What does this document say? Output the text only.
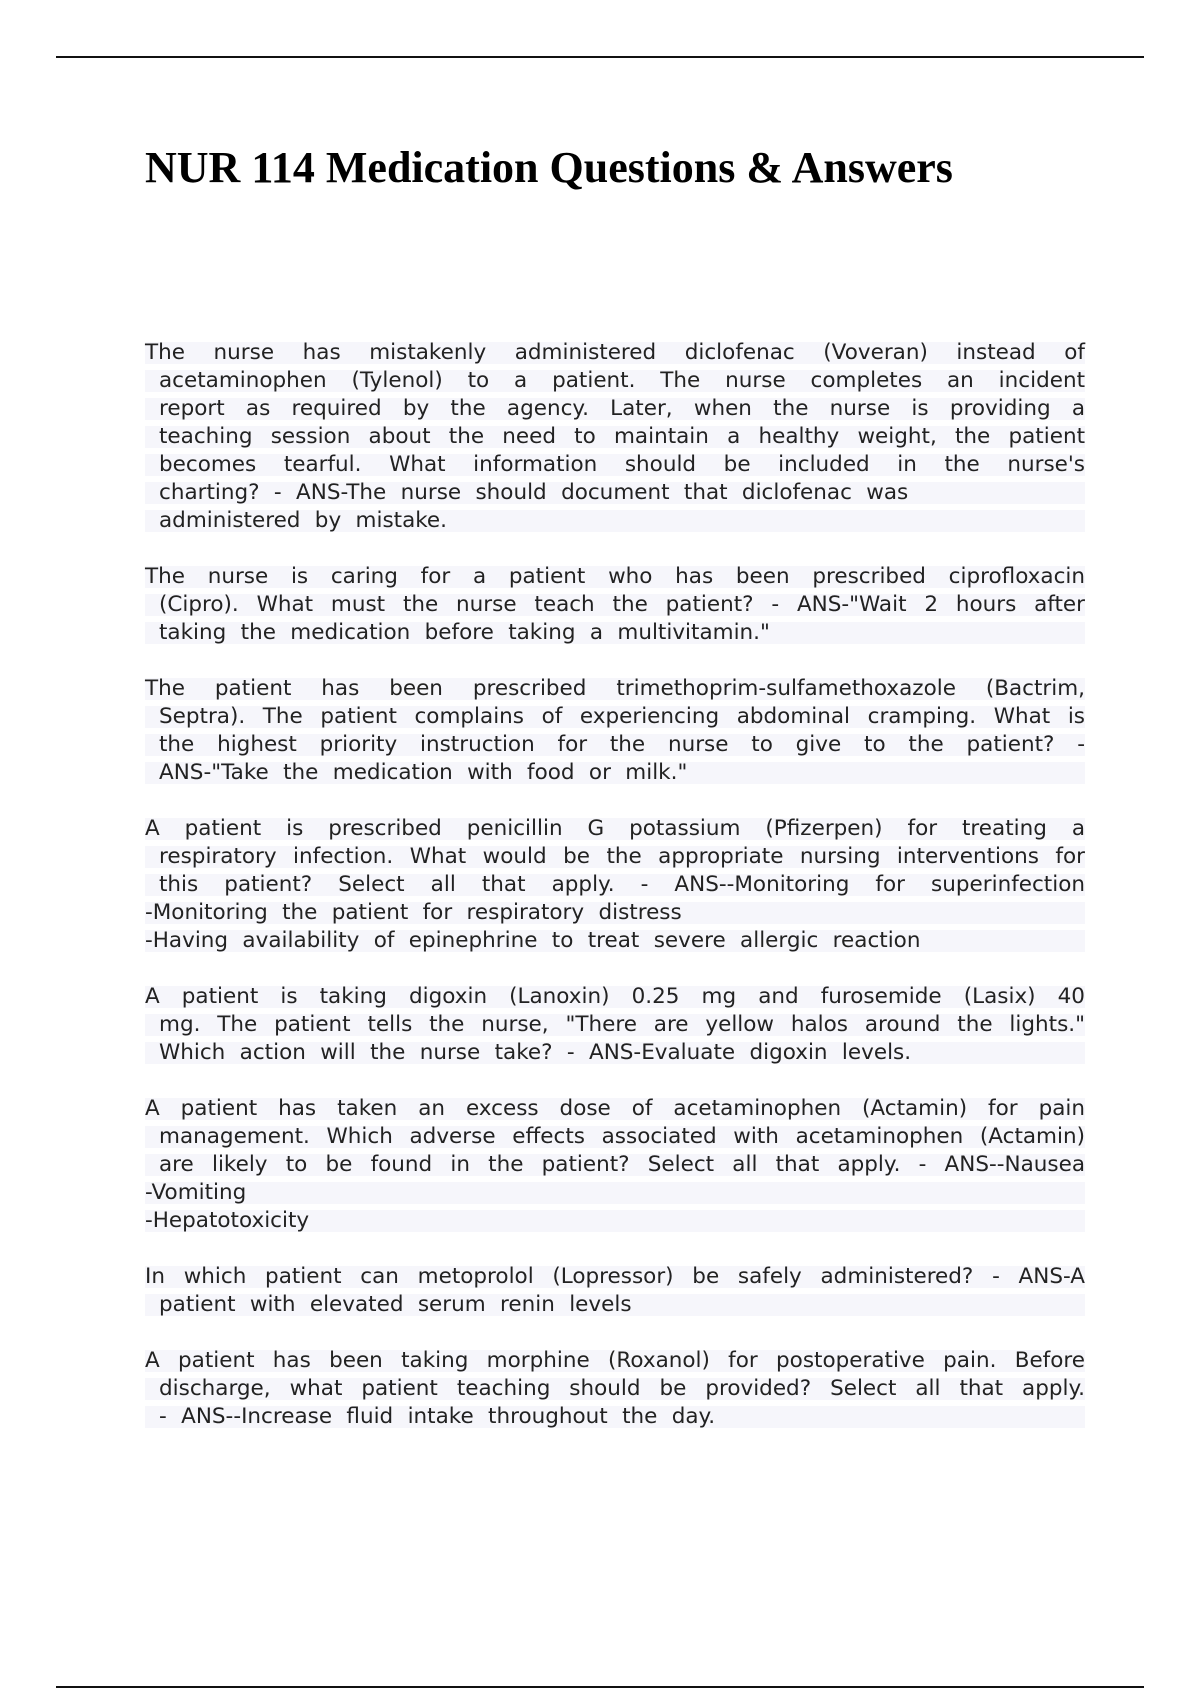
NUR 114 Medication Questions & Answers
The nurse has mistakenly administered diclofenac (Voveran) instead of
acetaminophen (Tylenol) to a patient. The nurse completes an incident
report as required by the agency. Later, when the nurse is providing a
teaching session about the need to maintain a healthy weight, the patient
becomes tearful. What information should be included in the nurse's
charting? - ANS-The nurse should document that diclofenac was
administered by mistake.
The nurse is caring for a patient who has been prescribed ciprofloxacin
(Cipro). What must the nurse teach the patient? - ANS-"Wait 2 hours after
taking the medication before taking a multivitamin."
The patient has been prescribed trimethoprim-sulfamethoxazole (Bactrim,
Septra). The patient complains of experiencing abdominal cramping. What is
the highest priority instruction for the nurse to give to the patient? -
ANS-"Take the medication with food or milk."
A patient is prescribed penicillin G potassium (Pfizerpen) for treating a
respiratory infection. What would be the appropriate nursing interventions for
this patient? Select all that apply. - ANS--Monitoring for superinfection
-Monitoring the patient for respiratory distress
-Having availability of epinephrine to treat severe allergic reaction
A patient is taking digoxin (Lanoxin) 0.25 mg and furosemide (Lasix) 40
mg. The patient tells the nurse, "There are yellow halos around the lights."
Which action will the nurse take? - ANS-Evaluate digoxin levels.
A patient has taken an excess dose of acetaminophen (Actamin) for pain
management. Which adverse effects associated with acetaminophen (Actamin)
are likely to be found in the patient? Select all that apply. - ANS--Nausea
-Vomiting
-Hepatotoxicity
In which patient can metoprolol (Lopressor) be safely administered? - ANS-A
patient with elevated serum renin levels
A patient has been taking morphine (Roxanol) for postoperative pain. Before
discharge, what patient teaching should be provided? Select all that apply.
- ANS--Increase fluid intake throughout the day.
